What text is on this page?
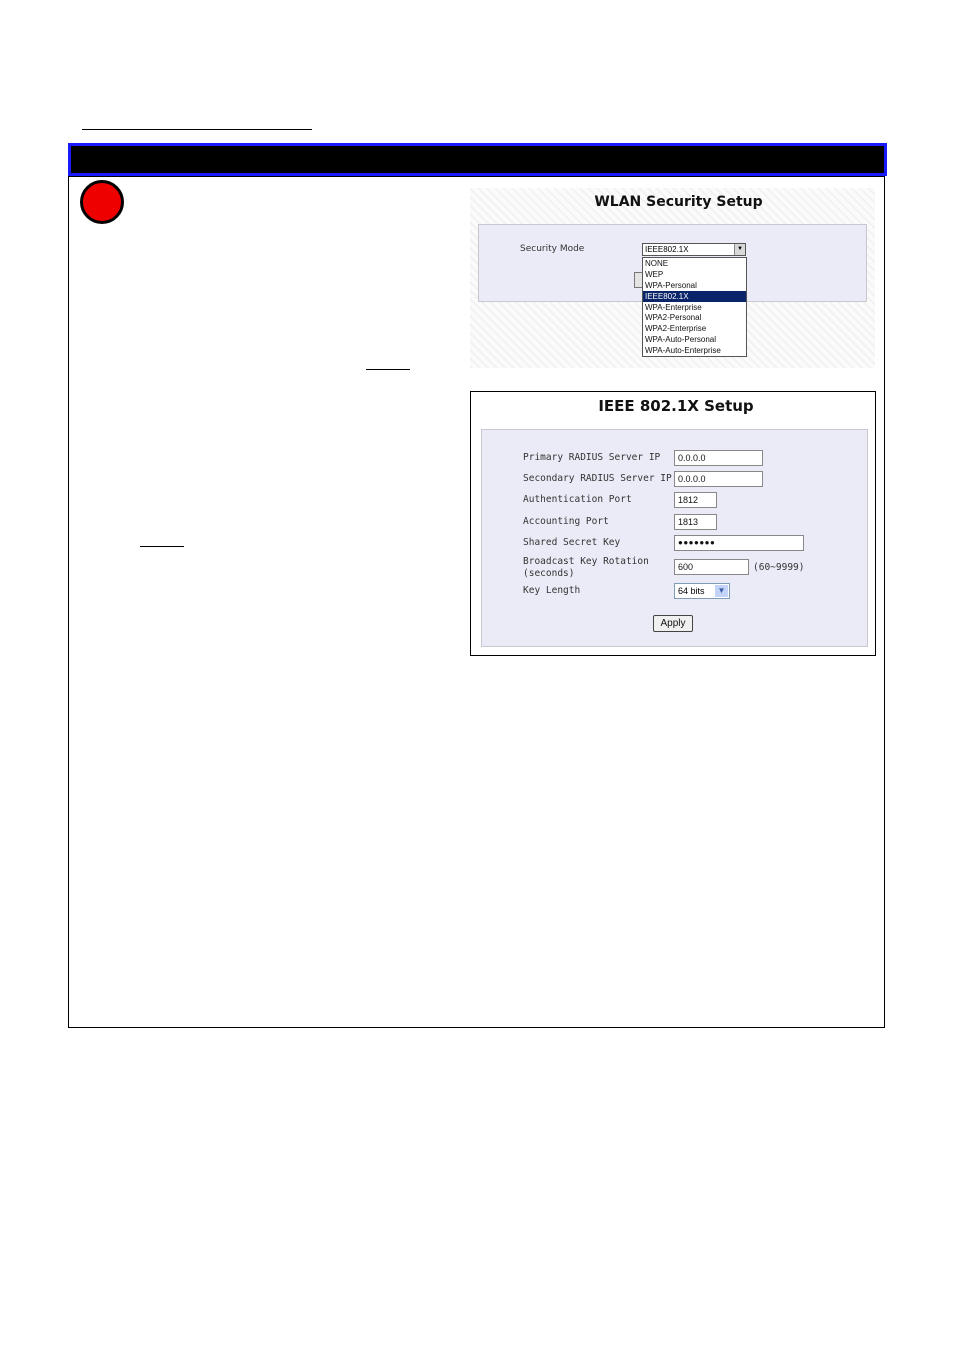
WLAN Security Setup
Security Mode	IEEE802.1X	▼
NONE
WEP
WPA-Personal
IEEE802.1X
WPA-Enterprise
WPA2-Personal
WPA2-Enterprise
WPA-Auto-Personal
WPA-Auto-Enterprise
IEEE 802.1X Setup
Primary RADIUS Server IP	0.0.0.0
Secondary RADIUS Server IP 0.0.0.0
Authentication Port	1812
Accounting Port	1813
Shared Secret Key	●●●●●●●
Broadcast Key Rotation
(seconds)
600	(60~9999)
Key Length	64 bits	▼
Apply
